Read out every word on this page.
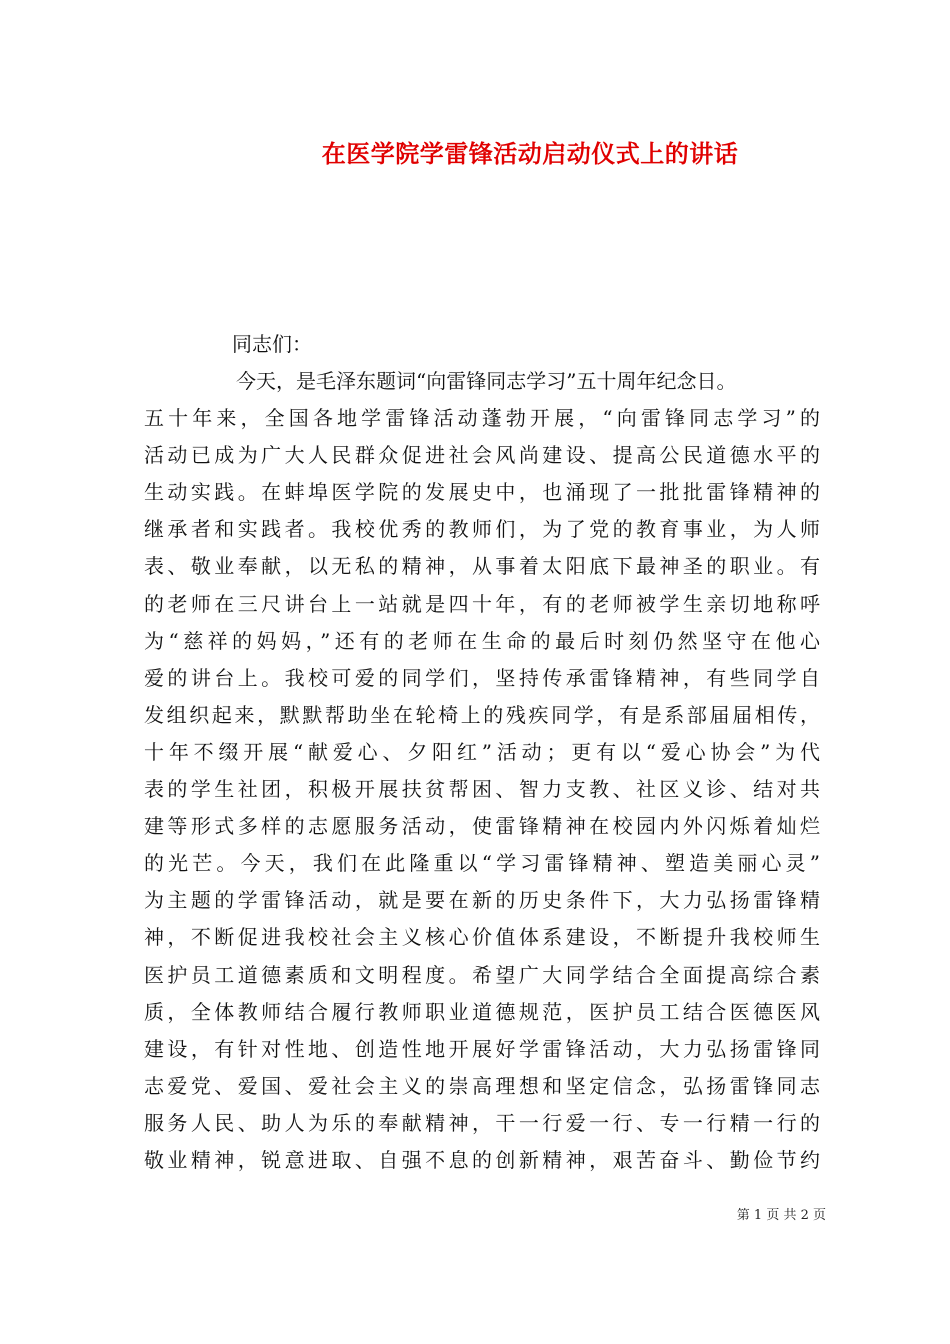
在医学院学雷锋活动启动仪式上的讲话

同志们：

今天，是毛泽东题词“向雷锋同志学习”五十周年纪念日。
五十年来，全国各地学雷锋活动蓬勃开展，“向雷锋同志学习”的
活动已成为广大人民群众促进社会风尚建设、提高公民道德水平的
生动实践。在蚌埠医学院的发展史中，也涌现了一批批雷锋精神的
继承者和实践者。我校优秀的教师们，为了党的教育事业，为人师
表、敬业奉献，以无私的精神，从事着太阳底下最神圣的职业。有
的老师在三尺讲台上一站就是四十年，有的老师被学生亲切地称呼
为“慈祥的妈妈，”还有的老师在生命的最后时刻仍然坚守在他心
爱的讲台上。我校可爱的同学们，坚持传承雷锋精神，有些同学自
发组织起来，默默帮助坐在轮椅上的残疾同学，有是系部届届相传，
十年不缀开展“献爱心、夕阳红”活动；更有以“爱心协会”为代
表的学生社团，积极开展扶贫帮困、智力支教、社区义诊、结对共
建等形式多样的志愿服务活动，使雷锋精神在校园内外闪烁着灿烂
的光芒。今天，我们在此隆重以“学习雷锋精神、塑造美丽心灵”
为主题的学雷锋活动，就是要在新的历史条件下，大力弘扬雷锋精
神，不断促进我校社会主义核心价值体系建设，不断提升我校师生
医护员工道德素质和文明程度。希望广大同学结合全面提高综合素
质，全体教师结合履行教师职业道德规范，医护员工结合医德医风
建设，有针对性地、创造性地开展好学雷锋活动，大力弘扬雷锋同
志爱党、爱国、爱社会主义的崇高理想和坚定信念，弘扬雷锋同志
服务人民、助人为乐的奉献精神，干一行爱一行、专一行精一行的
敬业精神，锐意进取、自强不息的创新精神，艰苦奋斗、勤俭节约

第 1 页 共 2 页
